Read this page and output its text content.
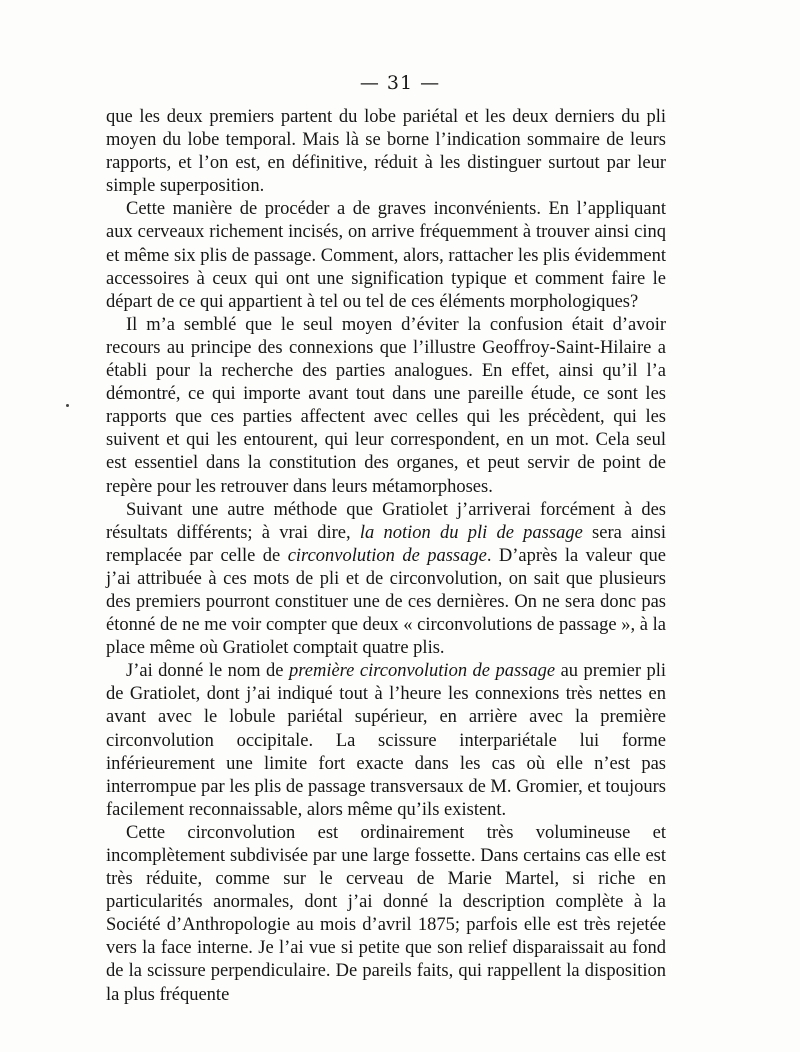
— 31 —

que les deux premiers partent du lobe pariétal et les deux derniers du pli moyen du lobe temporal. Mais là se borne l’indication sommaire de leurs rapports, et l’on est, en définitive, réduit à les distinguer surtout par leur simple superposition.

Cette manière de procéder a de graves inconvénients. En l’appliquant aux cerveaux richement incisés, on arrive fréquemment à trouver ainsi cinq et même six plis de passage. Comment, alors, rattacher les plis évidemment accessoires à ceux qui ont une signification typique et comment faire le départ de ce qui appartient à tel ou tel de ces éléments morphologiques?

Il m’a semblé que le seul moyen d’éviter la confusion était d’avoir recours au principe des connexions que l’illustre Geoffroy-Saint-Hilaire a établi pour la recherche des parties analogues. En effet, ainsi qu’il l’a démontré, ce qui importe avant tout dans une pareille étude, ce sont les rapports que ces parties affectent avec celles qui les précèdent, qui les suivent et qui les entourent, qui leur correspondent, en un mot. Cela seul est essentiel dans la constitution des organes, et peut servir de point de repère pour les retrouver dans leurs métamorphoses.

Suivant une autre méthode que Gratiolet j’arriverai forcément à des résultats différents; à vrai dire, la notion du pli de passage sera ainsi remplacée par celle de circonvolution de passage. D’après la valeur que j’ai attribuée à ces mots de pli et de circonvolution, on sait que plusieurs des premiers pourront constituer une de ces dernières. On ne sera donc pas étonné de ne me voir compter que deux « circonvolutions de passage », à la place même où Gratiolet comptait quatre plis.

J’ai donné le nom de première circonvolution de passage au premier pli de Gratiolet, dont j’ai indiqué tout à l’heure les connexions très nettes en avant avec le lobule pariétal supérieur, en arrière avec la première circonvolution occipitale. La scissure interpariétale lui forme inférieurement une limite fort exacte dans les cas où elle n’est pas interrompue par les plis de passage transversaux de M. Gromier, et toujours facilement reconnaissable, alors même qu’ils existent.

Cette circonvolution est ordinairement très volumineuse et incomplètement subdivisée par une large fossette. Dans certains cas elle est très réduite, comme sur le cerveau de Marie Martel, si riche en particularités anormales, dont j’ai donné la description complète à la Société d’Anthropologie au mois d’avril 1875; parfois elle est très rejetée vers la face interne. Je l’ai vue si petite que son relief disparaissait au fond de la scissure perpendiculaire. De pareils faits, qui rappellent la disposition la plus fréquente
